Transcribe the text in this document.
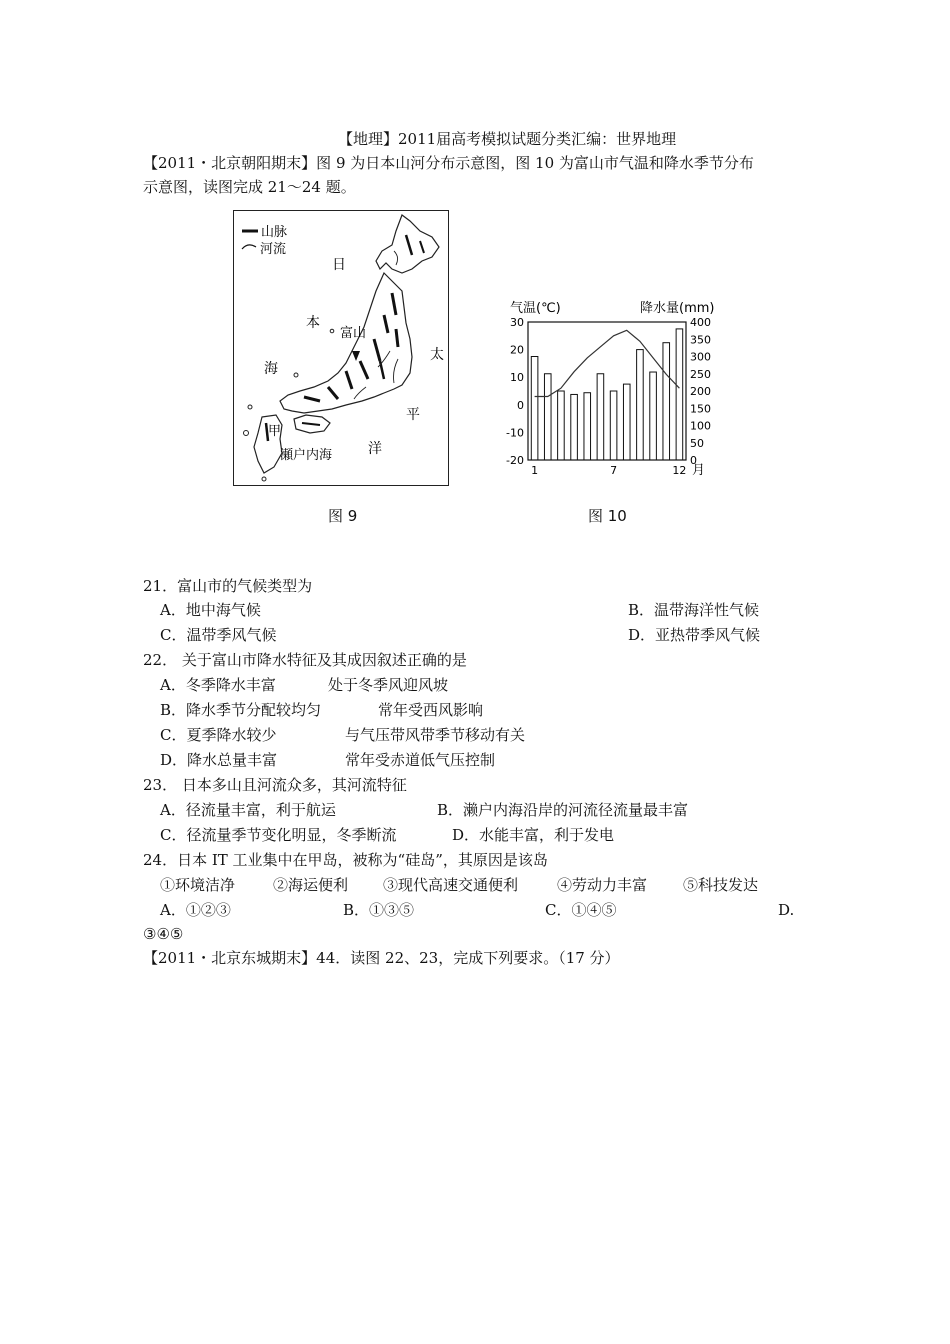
【地理】2011届高考模拟试题分类汇编：世界地理
【2011・北京朝阳期末】图 9 为日本山河分布示意图，图 10 为富山市气温和降水季节分布
示意图，读图完成 21～24 题。
山脉
河流
日
本
富山
海
太
平
洋
甲
瀬户内海
图 9
气温(℃)	降水量(mm)
30
20
10
0
-10
-20
400
350
300
250
200
150
100
50
0
1	7	12 月
图 10
21．富山市的气候类型为
A．地中海气候	B．温带海洋性气候
C．温带季风气候	D．亚热带季风气候
22． 关于富山市降水特征及其成因叙述正确的是
A．冬季降水丰富	处于冬季风迎风坡
B．降水季节分配较均匀	常年受西风影响
C．夏季降水较少	与气压带风带季节移动有关
D．降水总量丰富	常年受赤道低气压控制
23． 日本多山且河流众多，其河流特征
A．径流量丰富，利于航运	B．濑户内海沿岸的河流径流量最丰富
C．径流量季节变化明显，冬季断流	D．水能丰富，利于发电
24．日本 IT 工业集中在甲岛，被称为“硅岛”，其原因是该岛
①环境洁净	②海运便利 ③现代高速交通便利	④劳动力丰富 ⑤科技发达
A．①②③	B．①③⑤	C．①④⑤	D.
③④⑤
【2011・北京东城期末】44．读图 22、23，完成下列要求。（17 分）
